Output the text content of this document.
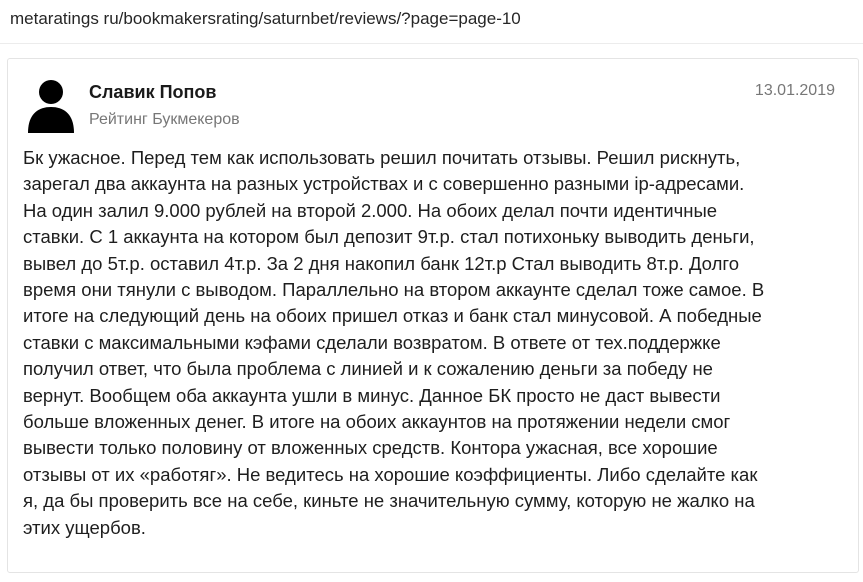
metaratings ru/bookmakersrating/saturnbet/reviews/?page=page-10
Славик Попов
Рейтинг Букмекеров
13.01.2019
Бк ужасное. Перед тем как использовать решил почитать отзывы. Решил рискнуть,
зарегал два аккаунта на разных устройствах и с совершенно разными ip-адресами.
На один залил 9.000 рублей на второй 2.000. На обоих делал почти идентичные
ставки. С 1 аккаунта на котором был депозит 9т.р. стал потихоньку выводить деньги,
вывел до 5т.р. оставил 4т.р. За 2 дня накопил банк 12т.р Стал выводить 8т.р. Долго
время они тянули с выводом. Параллельно на втором аккаунте сделал тоже самое. В
итоге на следующий день на обоих пришел отказ и банк стал минусовой. А победные
ставки с максимальными кэфами сделали возвратом. В ответе от тех.поддержке
получил ответ, что была проблема с линией и к сожалению деньги за победу не
вернут. Вообщем оба аккаунта ушли в минус. Данное БК просто не даст вывести
больше вложенных денег. В итоге на обоих аккаунтов на протяжении недели смог
вывести только половину от вложенных средств. Контора ужасная, все хорошие
отзывы от их «работяг». Не ведитесь на хорошие коэффициенты. Либо сделайте как
я, да бы проверить все на себе, киньте не значительную сумму, которую не жалко на
этих ущербов.
